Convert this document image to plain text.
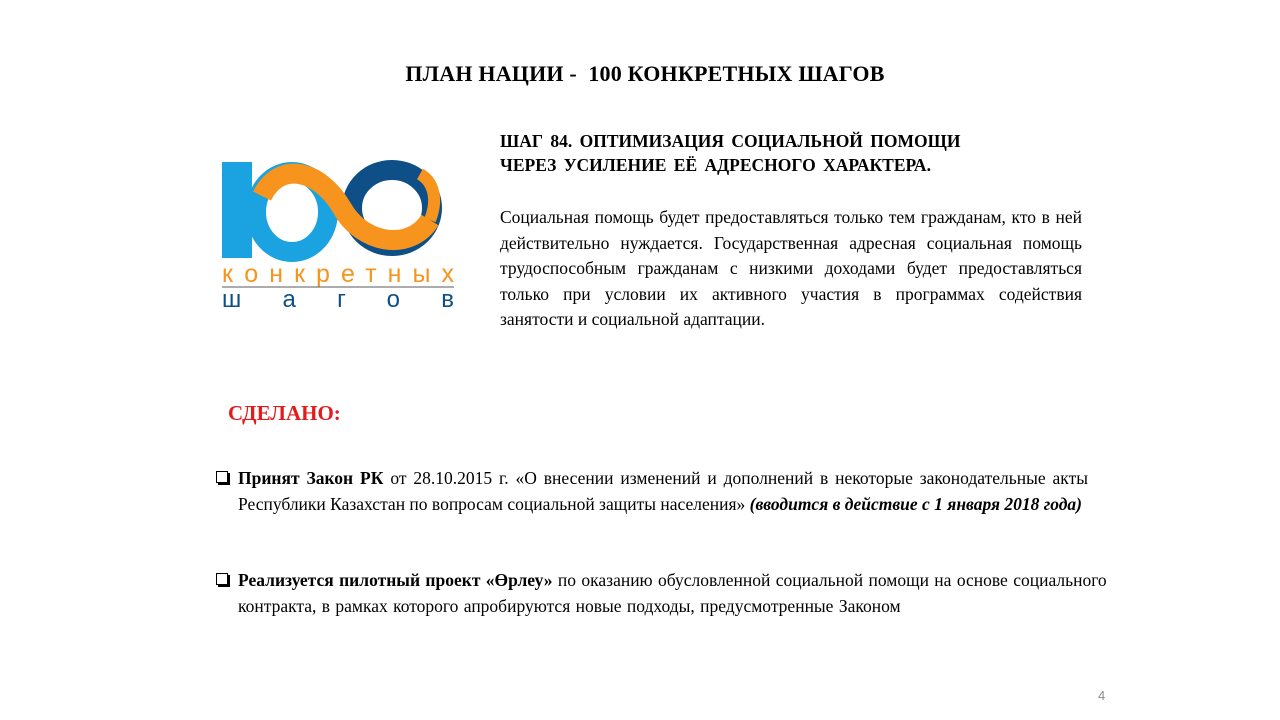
ПЛАН НАЦИИ -  100 КОНКРЕТНЫХ ШАГОВ
конкретных
шагов
ШАГ 84. ОПТИМИЗАЦИЯ СОЦИАЛЬНОЙ ПОМОЩИ
ЧЕРЕЗ УСИЛЕНИЕ ЕЁ АДРЕСНОГО ХАРАКТЕРА.
Социальная помощь будет предоставляться только тем гражданам, кто в ней действительно нуждается. Государственная адресная социальная помощь трудоспособным гражданам с низкими доходами будет предоставляться только при условии их активного участия в программах содействия занятости и социальной адаптации.
СДЕЛАНО:
Принят Закон РК от 28.10.2015 г. «О внесении изменений и дополнений в некоторые законодательные акты Республики Казахстан по вопросам социальной защиты населения» (вводится в действие с 1 января 2018 года)
Реализуется пилотный проект «Өрлеу» по оказанию обусловленной социальной помощи на основе социального контракта, в рамках которого апробируются новые подходы, предусмотренные Законом
4
